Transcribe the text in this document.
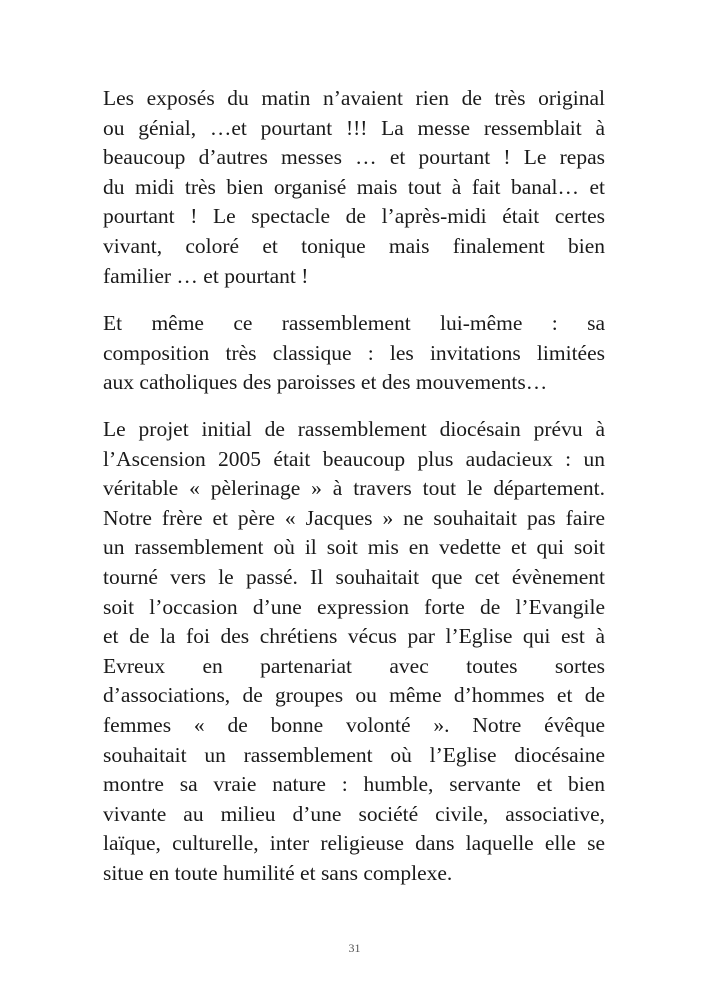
Les exposés du matin n’avaient rien de très original
ou génial, …et pourtant !!! La messe ressemblait à
beaucoup d’autres messes … et pourtant ! Le repas
du midi très bien organisé mais tout à fait banal… et
pourtant ! Le spectacle de l’après-midi était certes
vivant, coloré et tonique mais finalement bien
familier … et pourtant !
Et même ce rassemblement lui-même : sa
composition très classique : les invitations limitées
aux catholiques des paroisses et des mouvements…
Le projet initial de rassemblement diocésain prévu à
l’Ascension 2005 était beaucoup plus audacieux : un
véritable « pèlerinage » à travers tout le département.
Notre frère et père « Jacques » ne souhaitait pas faire
un rassemblement où il soit mis en vedette et qui soit
tourné vers le passé. Il souhaitait que cet évènement
soit l’occasion d’une expression forte de l’Evangile
et de la foi des chrétiens vécus par l’Eglise qui est à
Evreux en partenariat avec toutes sortes
d’associations, de groupes ou même d’hommes et de
femmes « de bonne volonté ». Notre évêque
souhaitait un rassemblement où l’Eglise diocésaine
montre sa vraie nature : humble, servante et bien
vivante au milieu d’une société civile, associative,
laïque, culturelle, inter religieuse dans laquelle elle se
situe en toute humilité et sans complexe.
31
